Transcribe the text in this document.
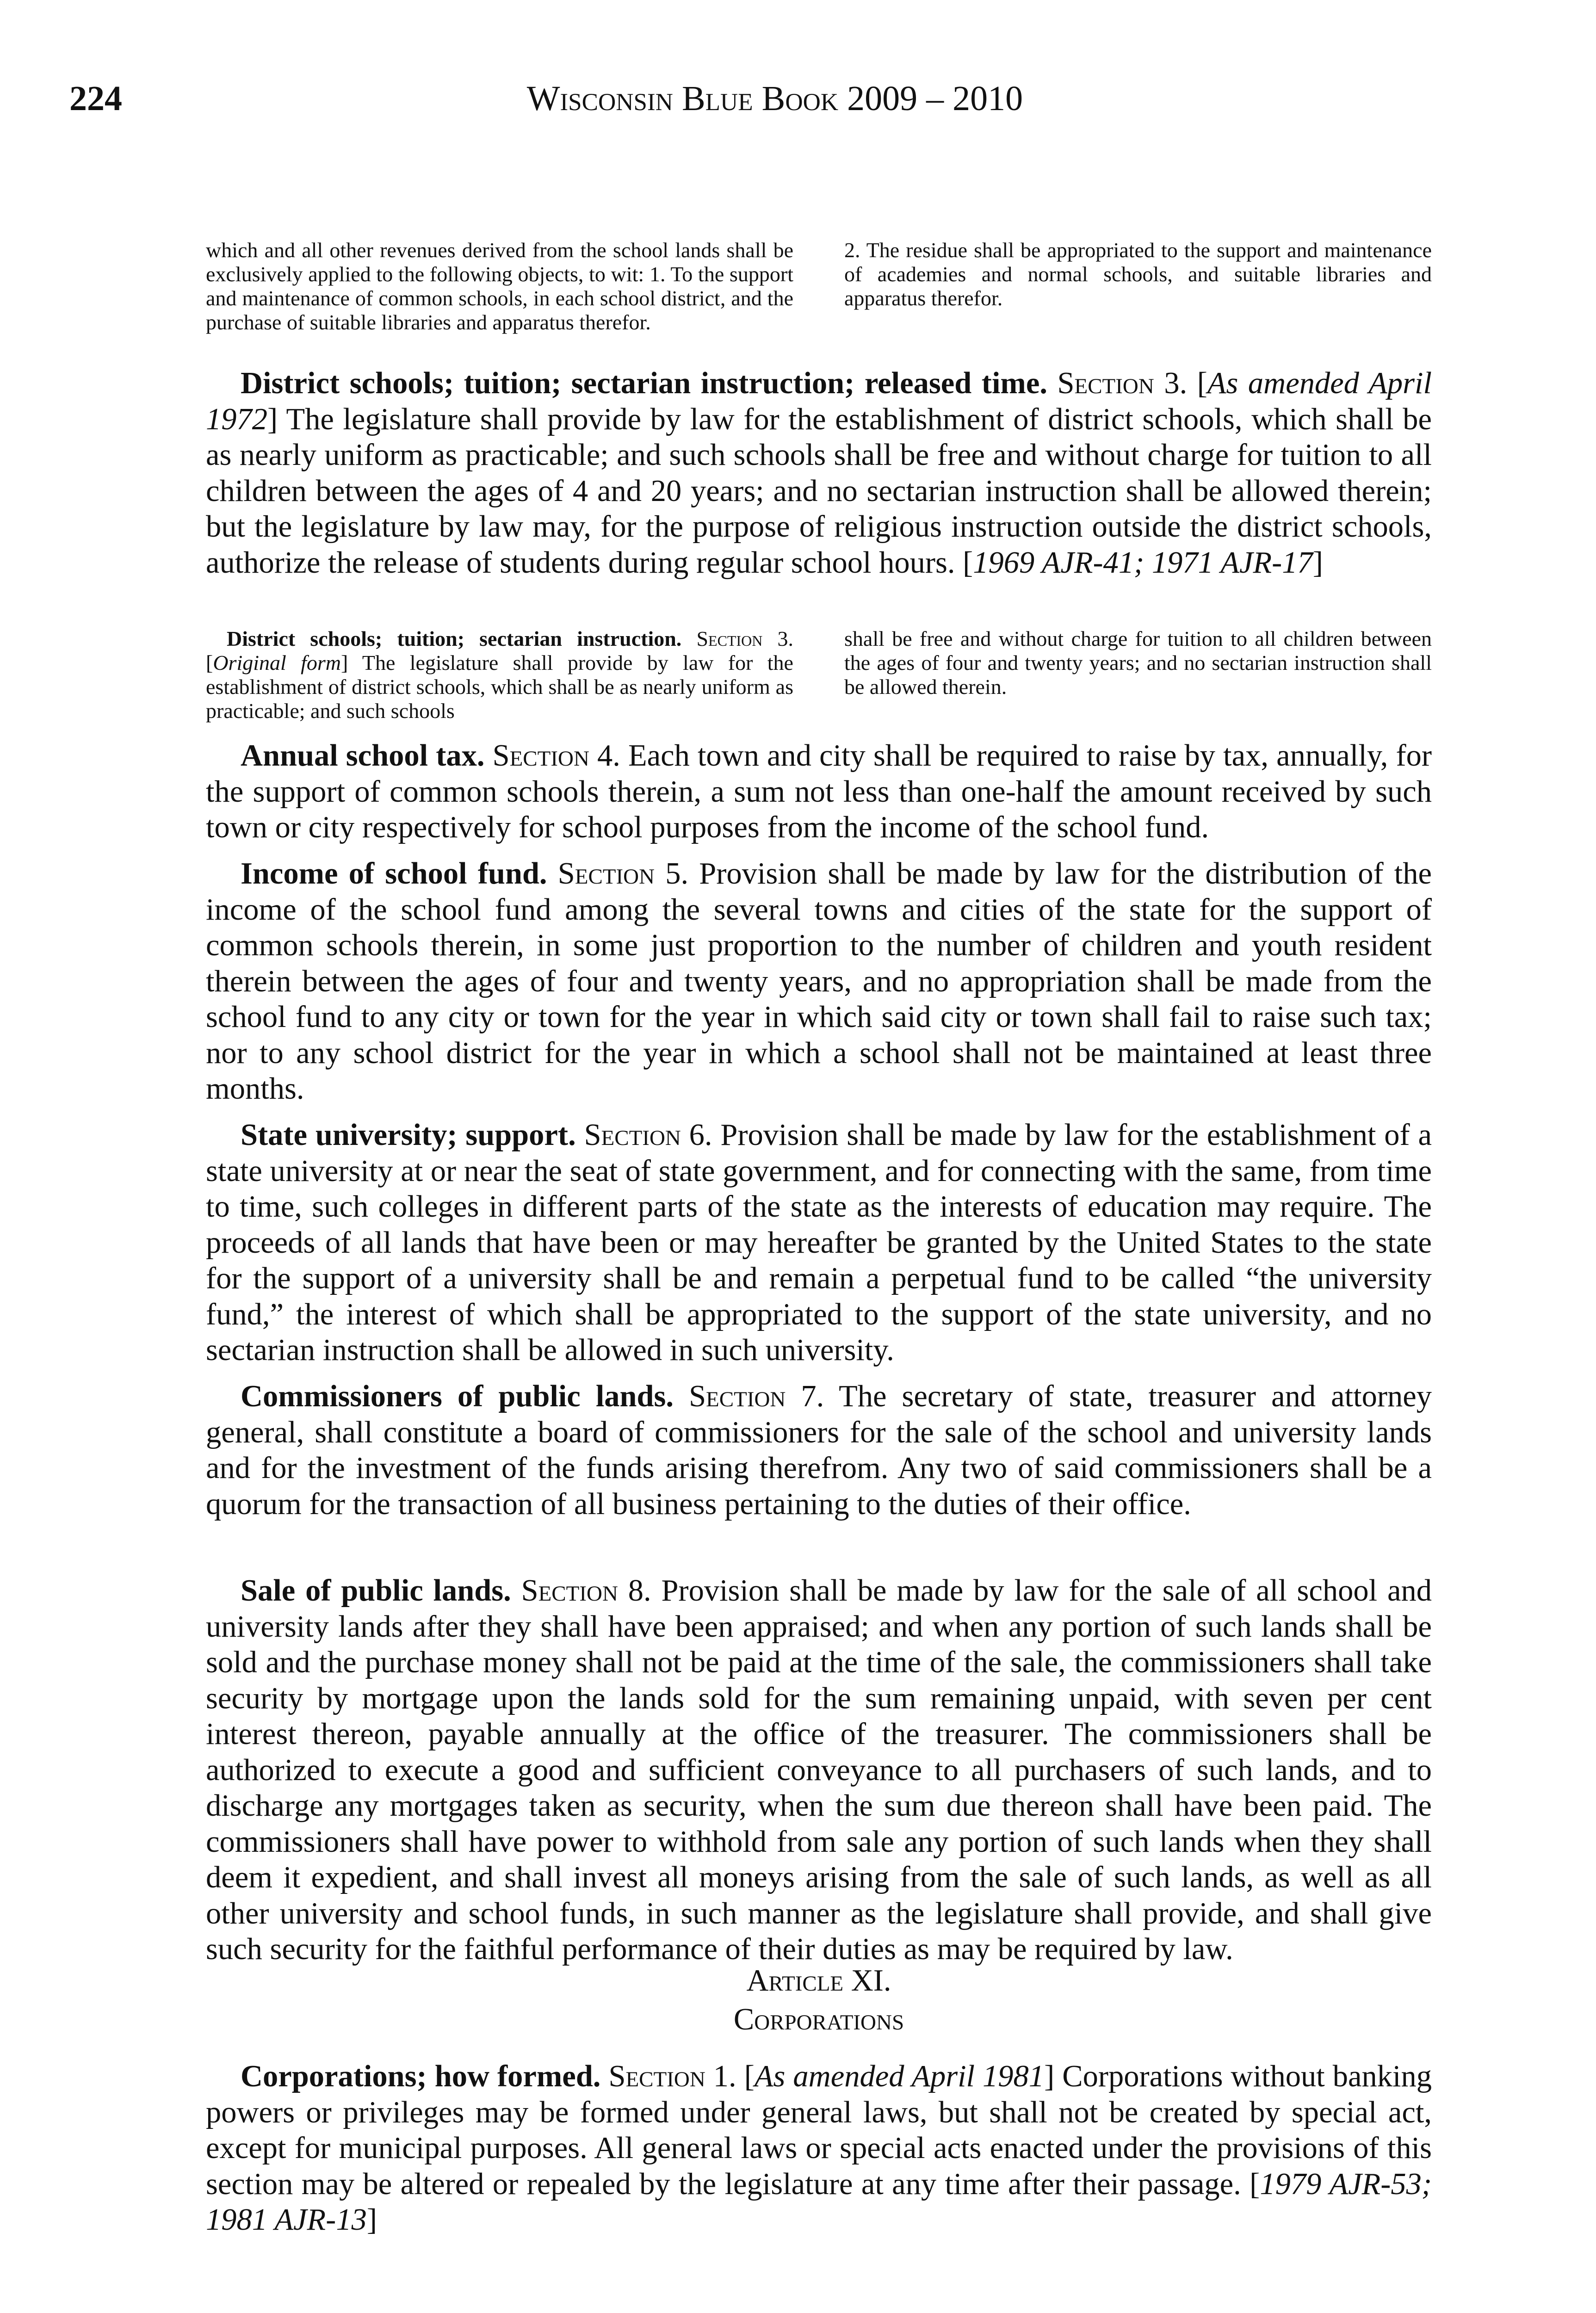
224	Wisconsin Blue Book 2009 – 2010

which and all other revenues derived from the school lands shall be exclusively applied to the following objects, to wit: 1. To the support and maintenance of common schools, in each school district, and the purchase of suitable libraries and apparatus therefor.

2. The residue shall be appropriated to the support and maintenance of academies and normal schools, and suitable libraries and apparatus therefor.

District schools; tuition; sectarian instruction; released time. Section 3. [As amended April 1972] The legislature shall provide by law for the establishment of district schools, which shall be as nearly uniform as practicable; and such schools shall be free and without charge for tuition to all children between the ages of 4 and 20 years; and no sectarian instruction shall be allowed therein; but the legislature by law may, for the purpose of religious instruction outside the district schools, authorize the release of students during regular school hours. [1969 AJR-41; 1971 AJR-17]

District schools; tuition; sectarian instruction. Section 3. [Original form] The legislature shall provide by law for the establishment of district schools, which shall be as nearly uniform as practicable; and such schools

shall be free and without charge for tuition to all children between the ages of four and twenty years; and no sectarian instruction shall be allowed therein.

Annual school tax. Section 4. Each town and city shall be required to raise by tax, annually, for the support of common schools therein, a sum not less than one-half the amount received by such town or city respectively for school purposes from the income of the school fund.

Income of school fund. Section 5. Provision shall be made by law for the distribution of the income of the school fund among the several towns and cities of the state for the support of common schools therein, in some just proportion to the number of children and youth resident therein between the ages of four and twenty years, and no appropriation shall be made from the school fund to any city or town for the year in which said city or town shall fail to raise such tax; nor to any school district for the year in which a school shall not be maintained at least three months.

State university; support. Section 6. Provision shall be made by law for the establishment of a state university at or near the seat of state government, and for connecting with the same, from time to time, such colleges in different parts of the state as the interests of education may require. The proceeds of all lands that have been or may hereafter be granted by the United States to the state for the support of a university shall be and remain a perpetual fund to be called “the university fund,” the interest of which shall be appropriated to the support of the state university, and no sectarian instruction shall be allowed in such university.

Commissioners of public lands. Section 7. The secretary of state, treasurer and attorney general, shall constitute a board of commissioners for the sale of the school and university lands and for the investment of the funds arising therefrom. Any two of said commissioners shall be a quorum for the transaction of all business pertaining to the duties of their office.

Sale of public lands. Section 8. Provision shall be made by law for the sale of all school and university lands after they shall have been appraised; and when any portion of such lands shall be sold and the purchase money shall not be paid at the time of the sale, the commissioners shall take security by mortgage upon the lands sold for the sum remaining unpaid, with seven per cent interest thereon, payable annually at the office of the treasurer. The commissioners shall be authorized to execute a good and sufficient conveyance to all purchasers of such lands, and to discharge any mortgages taken as security, when the sum due thereon shall have been paid. The commissioners shall have power to withhold from sale any portion of such lands when they shall deem it expedient, and shall invest all moneys arising from the sale of such lands, as well as all other university and school funds, in such manner as the legislature shall provide, and shall give such security for the faithful performance of their duties as may be required by law.

Article XI.
Corporations

Corporations; how formed. Section 1. [As amended April 1981] Corporations without banking powers or privileges may be formed under general laws, but shall not be created by special act, except for municipal purposes. All general laws or special acts enacted under the provisions of this section may be altered or repealed by the legislature at any time after their passage. [1979 AJR-53; 1981 AJR-13]
